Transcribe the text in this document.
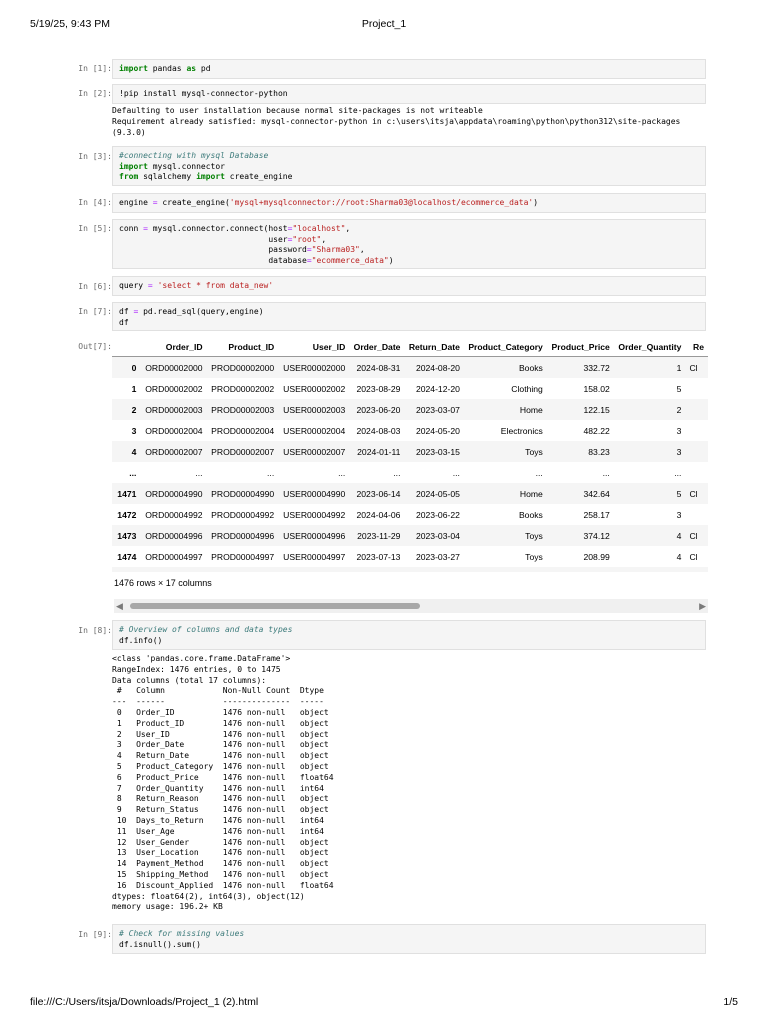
5/19/25, 9:43 PM	Project_1
In [1]: import pandas as pd
In [2]: !pip install mysql-connector-python
Defaulting to user installation because normal site-packages is not writeable
Requirement already satisfied: mysql-connector-python in c:\users\itsja\appdata\roaming\python\python312\site-packages
(9.3.0)
In [3]: #connecting with mysql Database
import mysql.connector
from sqlalchemy import create_engine
In [4]: engine = create_engine('mysql+mysqlconnector://root:Sharma03@localhost/ecommerce_data')
In [5]: conn = mysql.connector.connect(host="localhost",
user="root",
password="Sharma03",
database="ecommerce_data")
In [6]: query = 'select * from data_new'
In [7]: df = pd.read_sql(query,engine)
df
Out[7]:
		Order_ID	Product_ID	User_ID	Order_Date	Return_Date	Product_Category	Product_Price	Order_Quantity	Re
0	ORD00002000	PROD00002000	USER00002000	2024-08-31	2024-08-20	Books	332.72	1	Cl
1	ORD00002002	PROD00002002	USER00002002	2023-08-29	2024-12-20	Clothing	158.02	5	
2	ORD00002003	PROD00002003	USER00002003	2023-06-20	2023-03-07	Home	122.15	2	
3	ORD00002004	PROD00002004	USER00002004	2024-08-03	2024-05-20	Electronics	482.22	3	
4	ORD00002007	PROD00002007	USER00002007	2024-01-11	2023-03-15	Toys	83.23	3	
...	...	...	...	...	...	...	...	...	
1471	ORD00004990	PROD00004990	USER00004990	2023-06-14	2024-05-05	Home	342.64	5	Cl
1472	ORD00004992	PROD00004992	USER00004992	2024-04-06	2023-06-22	Books	258.17	3	
1473	ORD00004996	PROD00004996	USER00004996	2023-11-29	2023-03-04	Toys	374.12	4	Cl
1474	ORD00004997	PROD00004997	USER00004997	2023-07-13	2023-03-27	Toys	208.99	4	Cl

1476 rows × 17 columns
◀	▶
In [8]: # Overview of columns and data types
df.info()
<class 'pandas.core.frame.DataFrame'>
RangeIndex: 1476 entries, 0 to 1475
Data columns (total 17 columns):
#   Column            Non-Null Count  Dtype
---  ------            --------------  -----
0   Order_ID          1476 non-null   object
1   Product_ID        1476 non-null   object
2   User_ID           1476 non-null   object
3   Order_Date        1476 non-null   object
4   Return_Date       1476 non-null   object
5   Product_Category  1476 non-null   object
6   Product_Price     1476 non-null   float64
7   Order_Quantity    1476 non-null   int64
8   Return_Reason     1476 non-null   object
9   Return_Status     1476 non-null   object
10  Days_to_Return    1476 non-null   int64
11  User_Age          1476 non-null   int64
12  User_Gender       1476 non-null   object
13  User_Location     1476 non-null   object
14  Payment_Method    1476 non-null   object
15  Shipping_Method   1476 non-null   object
16  Discount_Applied  1476 non-null   float64
dtypes: float64(2), int64(3), object(12)
memory usage: 196.2+ KB
In [9]: # Check for missing values
df.isnull().sum()
file:///C:/Users/itsja/Downloads/Project_1 (2).html	1/5
